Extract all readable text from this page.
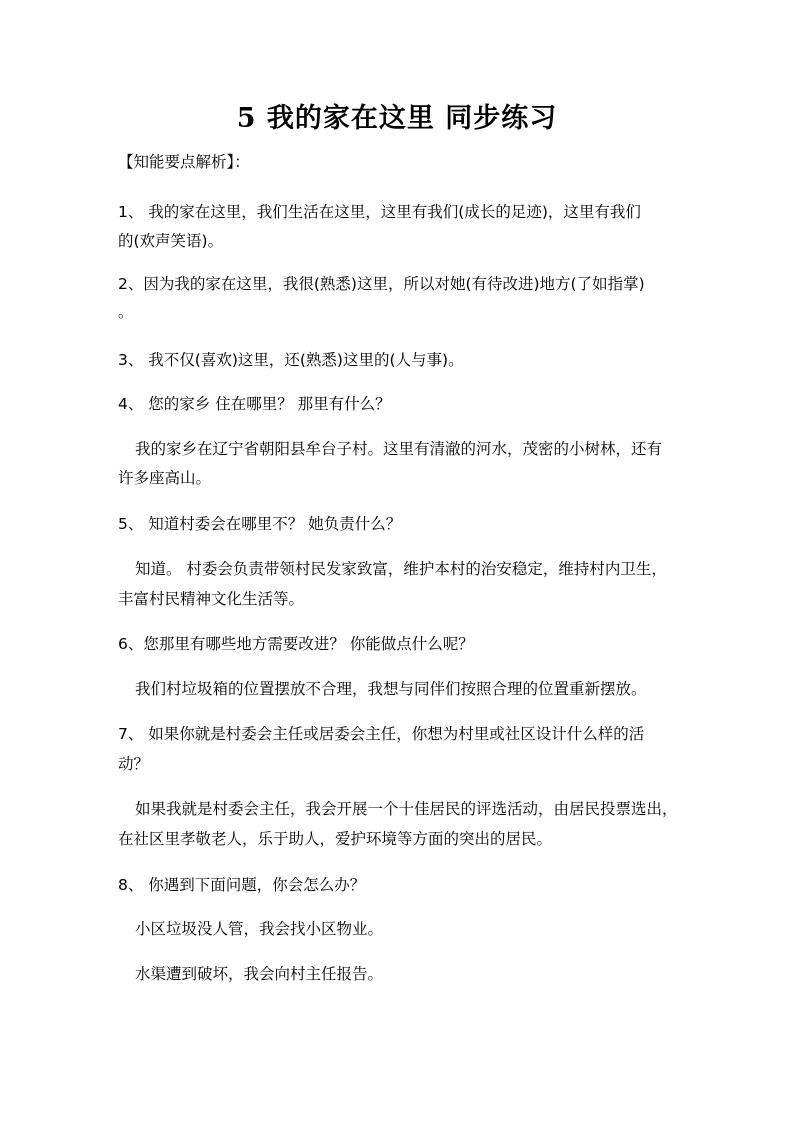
5 我的家在这里 同步练习
【知能要点解析】：
1、 我的家在这里，我们生活在这里，这里有我们(成长的足迹)，这里有我们
的(欢声笑语)。
2、因为我的家在这里，我很(熟悉)这里，所以对她(有待改进)地方(了如指掌)
。
3、 我不仅(喜欢)这里，还(熟悉)这里的(人与事)。
4、 您的家乡 住在哪里？ 那里有什么？
我的家乡在辽宁省朝阳县牟台子村。这里有清澈的河水，茂密的小树林，还有
许多座高山。
5、 知道村委会在哪里不？ 她负责什么？
知道。 村委会负责带领村民发家致富，维护本村的治安稳定，维持村内卫生，
丰富村民精神文化生活等。
6、您那里有哪些地方需要改进？ 你能做点什么呢？
我们村垃圾箱的位置摆放不合理，我想与同伴们按照合理的位置重新摆放。
7、 如果你就是村委会主任或居委会主任，你想为村里或社区设计什么样的活
动？
如果我就是村委会主任，我会开展一个十佳居民的评选活动，由居民投票选出，
在社区里孝敬老人，乐于助人，爱护环境等方面的突出的居民。
8、 你遇到下面问题，你会怎么办？
小区垃圾没人管，我会找小区物业。
水渠遭到破坏，我会向村主任报告。
